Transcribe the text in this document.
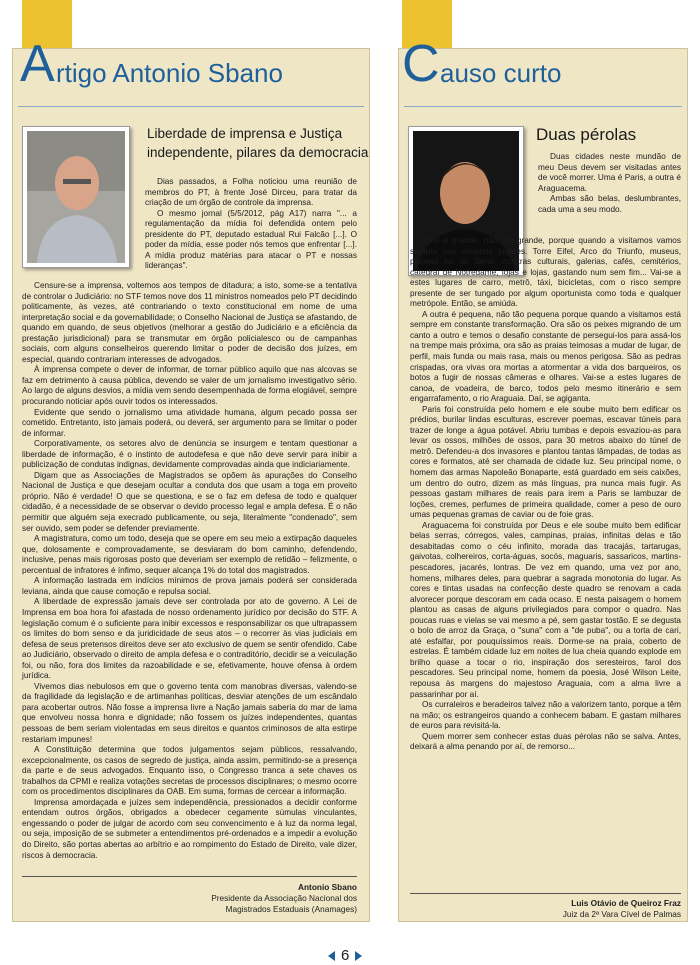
A rtigo Antonio Sbano C auso curto
Liberdade de imprensa e Justiça
independente, pilares da democracia

Dias passados, a Folha noticiou uma reunião de membros do PT, à frente José Dirceu, para tratar da criação de um órgão de controle da imprensa.

O mesmo jornal (5/5/2012, pág A17) narra "... a regulamentação da mídia foi defendida ontem pelo presidente do PT, deputado estadual Rui Falcão [...]. O poder da mídia, esse poder nós temos que enfrentar [...]. A mídia produz matérias para atacar o PT e nossas lideranças".

Censure-se a imprensa, voltemos aos tempos de ditadura; a isto, some-se a tentativa de controlar o Judiciário: no STF temos nove dos 11 ministros nomeados pelo PT decidindo politicamente, às vezes, até contrariando o texto constitucional em nome de uma interpretação social e da governabilidade; o Conselho Nacional de Justiça se afastando, de quando em quando, de seus objetivos (melhorar a gestão do Judiciário e a eficiência da prestação jurisdicional) para se transmutar em órgão policialesco ou de campanhas sociais, com alguns conselheiros querendo limitar o poder de decisão dos juízes, em especial, quando contrariam interesses de advogados.

À imprensa compete o dever de informar, de tornar público aquilo que nas alcovas se faz em detrimento à causa pública, devendo se valer de um jornalismo investigativo sério. Ao largo de alguns desvios, a mídia vem sendo desempenhada de forma elogiável, sempre procurando noticiar após ouvir todos os interessados.

Evidente que sendo o jornalismo uma atividade humana, algum pecado possa ser cometido. Entretanto, isto jamais poderá, ou deverá, ser argumento para se limitar o poder de informar.

Corporativamente, os setores alvo de denúncia se insurgem e tentam questionar a liberdade de informação, é o instinto de autodefesa e que não deve servir para inibir a publicização de condutas indignas, devidamente comprovadas ainda que indiciariamente.

Digam que as Associações de Magistrados se opõem às apurações do Conselho Nacional de Justiça e que desejam ocultar a conduta dos que usam a toga em proveito próprio. Não é verdade! O que se questiona, e se o faz em defesa de todo e qualquer cidadão, é a necessidade de se observar o devido processo legal e ampla defesa. É o não permitir que alguém seja execrado publicamente, ou seja, literalmente "condenado", sem ser ouvido, sem poder se defender previamente.

A magistratura, como um todo, deseja que se opere em seu meio a extirpação daqueles que, dolosamente e comprovadamente, se desviaram do bom caminho, defendendo, inclusive, penas mais rigorosas posto que deveriam ser exemplo de retidão – felizmente, o percentual de infratores é ínfimo, sequer alcança 1% do total dos magistrados.

A informação lastrada em indícios mínimos de prova jamais poderá ser considerada leviana, ainda que cause comoção e repulsa social.

A liberdade de expressão jamais deve ser controlada por ato de governo. A Lei de Imprensa em boa hora foi afastada de nosso ordenamento jurídico por decisão do STF. A legislação comum é o suficiente para inibir excessos e responsabilizar os que ultrapassem os limites do bom senso e da juridicidade de seus atos – o recorrer às vias judiciais em defesa de seus pretensos direitos deve ser ato exclusivo de quem se sentir ofendido. Cabe ao Judiciário, observado o direito de ampla defesa e o contraditório, decidir se a veiculação foi, ou não, fora dos limites da razoabilidade e se, efetivamente, houve ofensa à ordem jurídica.

Vivemos dias nebulosos em que o governo tenta com manobras diversas, valendo-se da fragilidade da legislação e de artimanhas políticas, desviar atenções de um escândalo para acobertar outros. Não fosse a imprensa livre a Nação jamais saberia do mar de lama que envolveu nossa honra e dignidade; não fossem os juízes independentes, quantas pessoas de bem seriam violentadas em seus direitos e quantos criminosos de alta estirpe restariam impunes!

A Constituição determina que todos julgamentos sejam públicos, ressalvando, excepcionalmente, os casos de segredo de justiça, ainda assim, permitindo-se a presença da parte e de seus advogados. Enquanto isso, o Congresso tranca a sete chaves os trabalhos da CPMI e realiza votações secretas de processos disciplinares; o mesmo ocorre com os procedimentos disciplinares da OAB. Em suma, formas de cercear a informação.

Imprensa amordaçada e juízes sem independência, pressionados a decidir conforme entendam outros órgãos, obrigados a obedecer cegamente súmulas vinculantes, engessando o poder de julgar de acordo com seu convencimento e à luz da norma legal, ou seja, imposição de se submeter a entendimentos pré-ordenados e a impedir a evolução do Direito, são portas abertas ao arbítrio e ao rompimento do Estado de Direito, vale dizer, riscos à democracia.

Antonio Sbano
Presidente da Associação Nacional dos
Magistrados Estaduais (Anamages)
Duas pérolas

Duas cidades neste mundão de meu Deus devem ser visitadas antes de você morrer. Uma é Paris, a outra é Araguacema.

Ambas são belas, deslumbrantes, cada uma a seu modo.

Uma é grande, não tão grande, porque quando a visitamos vamos sempre aos mesmos lugares. Torre Eifel, Arco do Triunfo, museus, passeio no rio Sena, mostras culturais, galerias, cafés, cemitérios, catedral de Notredame, lojas e lojas, gastando num sem fim... Vai-se a estes lugares de carro, metrô, táxi, bicicletas, com o risco sempre presente de ser tungado por algum oportunista como toda e qualquer metrópole. Então, se amiúda.

A outra é pequena, não tão pequena porque quando a visitamos está sempre em constante transformação. Ora são os peixes migrando de um canto a outro e temos o desafio constante de persegui-los para assá-los na trempe mais próxima, ora são as praias teimosas a mudar de lugar, de perfil, mais funda ou mais rasa, mais ou menos perigosa. São as pedras crispadas, ora vivas ora mortas a atormentar a vida dos barqueiros, os botos a fugir de nossas câmeras e olhares. Vai-se a estes lugares de canoa, de voadeira, de barco, todos pelo mesmo itinerário e sem engarrafamento, o rio Araguaia. Daí, se agiganta.

Paris foi construída pelo homem e ele soube muito bem edificar os prédios, burilar lindas esculturas, escrever poemas, escavar túneis para trazer de longe a água potável. Abriu tumbas e depois esvaziou-as para levar os ossos, milhões de ossos, para 30 metros abaixo do túnel de metrô. Defendeu-a dos invasores e plantou tantas lâmpadas, de todas as cores e formatos, até ser chamada de cidade luz. Seu principal nome, o homem das armas Napoleão Bonaparte, está guardado em seis caixões, um dentro do outro, dizem as más línguas, pra nunca mais fugir. As pessoas gastam milhares de reais para irem a Paris se lambuzar de loções, cremes, perfumes de primeira qualidade, comer a peso de ouro umas pequenas gramas de caviar ou de foie gras.

Araguacema foi construída por Deus e ele soube muito bem edificar belas serras, córregos, vales, campinas, praias, infinitas delas e tão desabitadas como o céu infinito, morada das tracajás, tartarugas, gaivotas, colhereiros, corta-águas, socós, maguaris, sassaricos, martins-pescadores, jacarés, lontras. De vez em quando, uma vez por ano, homens, milhares deles, para quebrar a sagrada monotonia do lugar. As cores e tintas usadas na confecção deste quadro se renovam a cada alvorecer porque descoram em cada ocaso. E nesta paisagem o homem plantou as casas de alguns privilegiados para compor o quadro. Nas poucas ruas e vielas se vai mesmo a pé, sem gastar tostão. E se degusta o bolo de arroz da Graça, o "suna" com a "de puba", ou a torta de cari, até esfalfar, por pouquíssimos reais. Dorme-se na praia, coberto de estrelas. É também cidade luz em noites de lua cheia quando explode em brilho quase a tocar o rio, inspiração dos seresteiros, farol dos pescadores. Seu principal nome, homem da poesia, José Wilson Leite, repousa às margens do majestoso Araguaia, com a alma livre a passarinhar por aí.

Os curraleiros e beradeiros talvez não a valorizem tanto, porque a têm na mão; os estrangeiros quando a conhecem babam. E gastam milhares de euros para revisitá-la.

Quem morrer sem conhecer estas duas pérolas não se salva. Antes, deixará a alma penando por aí, de remorso...

Luis Otávio de Queiroz Fraz
Juiz da 2ª Vara Cível de Palmas
6
